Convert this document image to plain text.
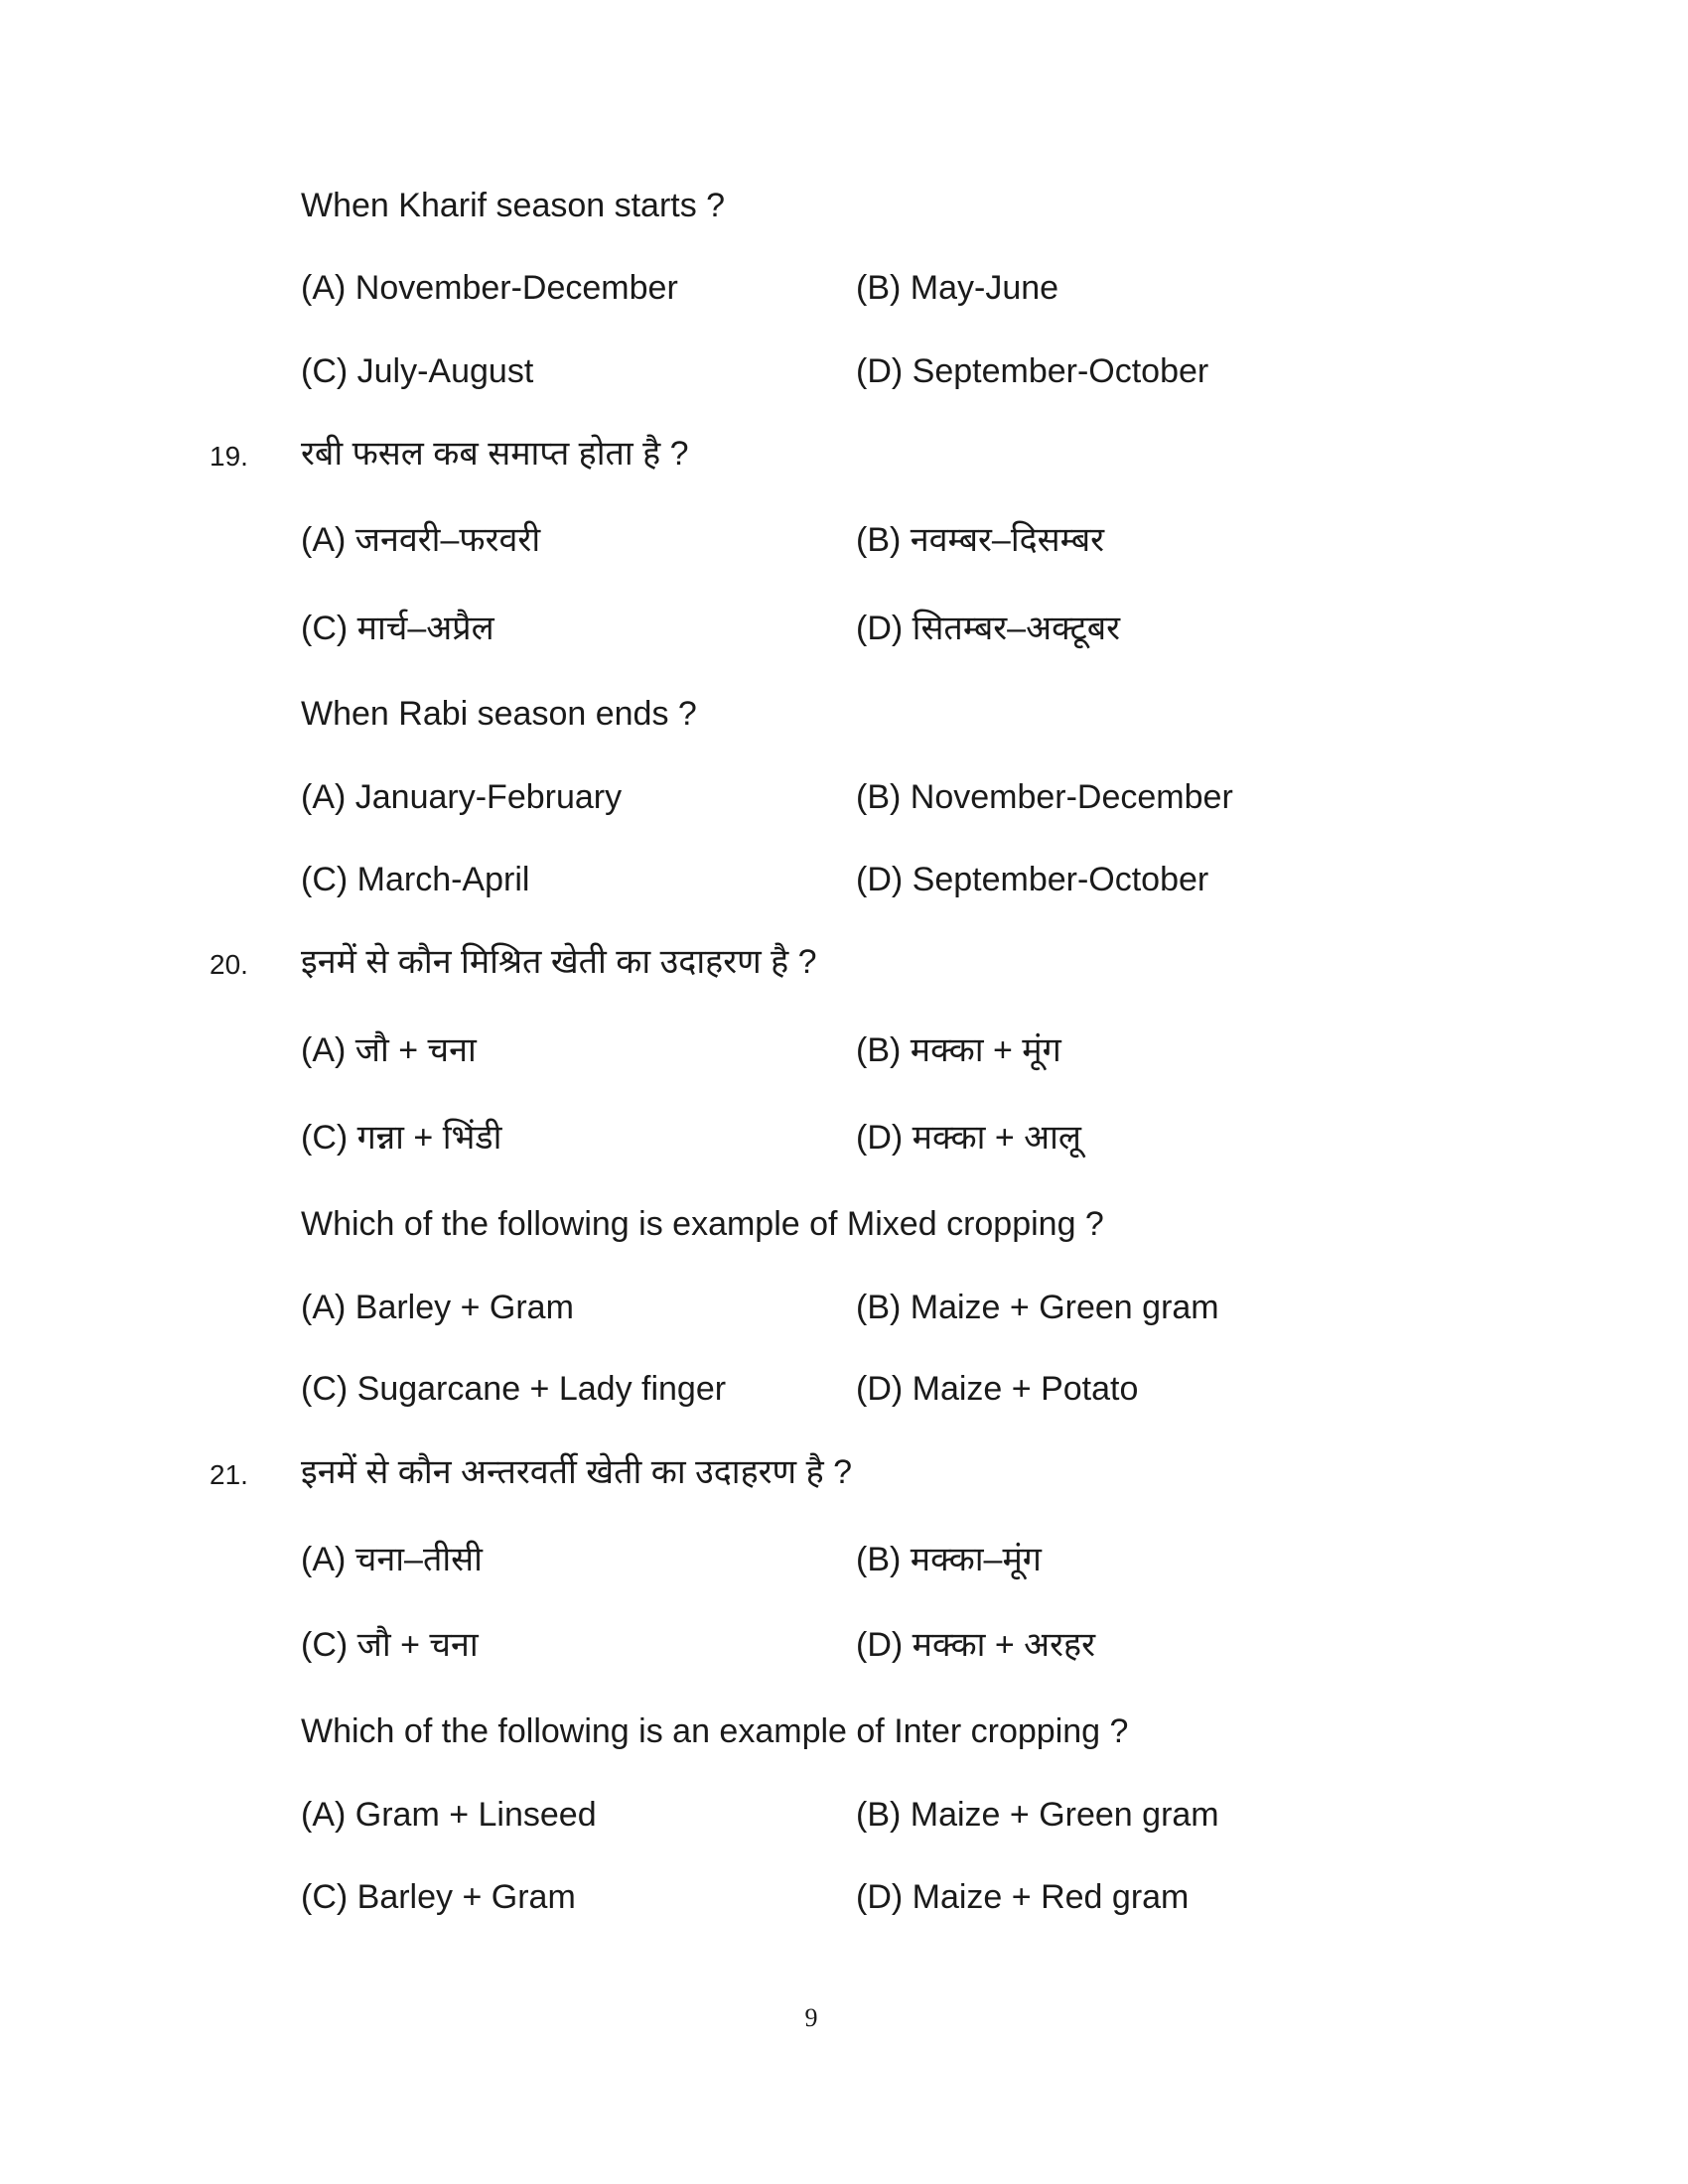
When Kharif season starts ?
(A) November-December	(B) May-June
(C) July-August	(D) September-October
19. रबी फसल कब समाप्त होता है ?
(A) जनवरी–फरवरी	(B) नवम्बर–दिसम्बर
(C) मार्च–अप्रैल	(D) सितम्बर–अक्टूबर
When Rabi season ends ?
(A) January-February	(B) November-December
(C) March-April	(D) September-October
20. इनमें से कौन मिश्रित खेती का उदाहरण है ?
(A) जौ + चना	(B) मक्का + मूंग
(C) गन्ना + भिंडी	(D) मक्का + आलू
Which of the following is example of Mixed cropping ?
(A) Barley + Gram	(B) Maize + Green gram
(C) Sugarcane + Lady finger	(D) Maize + Potato
21. इनमें से कौन अन्तरवर्ती खेती का उदाहरण है ?
(A) चना–तीसी	(B) मक्का–मूंग
(C) जौ + चना	(D) मक्का + अरहर
Which of the following is an example of Inter cropping ?
(A) Gram + Linseed	(B) Maize + Green gram
(C) Barley + Gram	(D) Maize + Red gram
9
